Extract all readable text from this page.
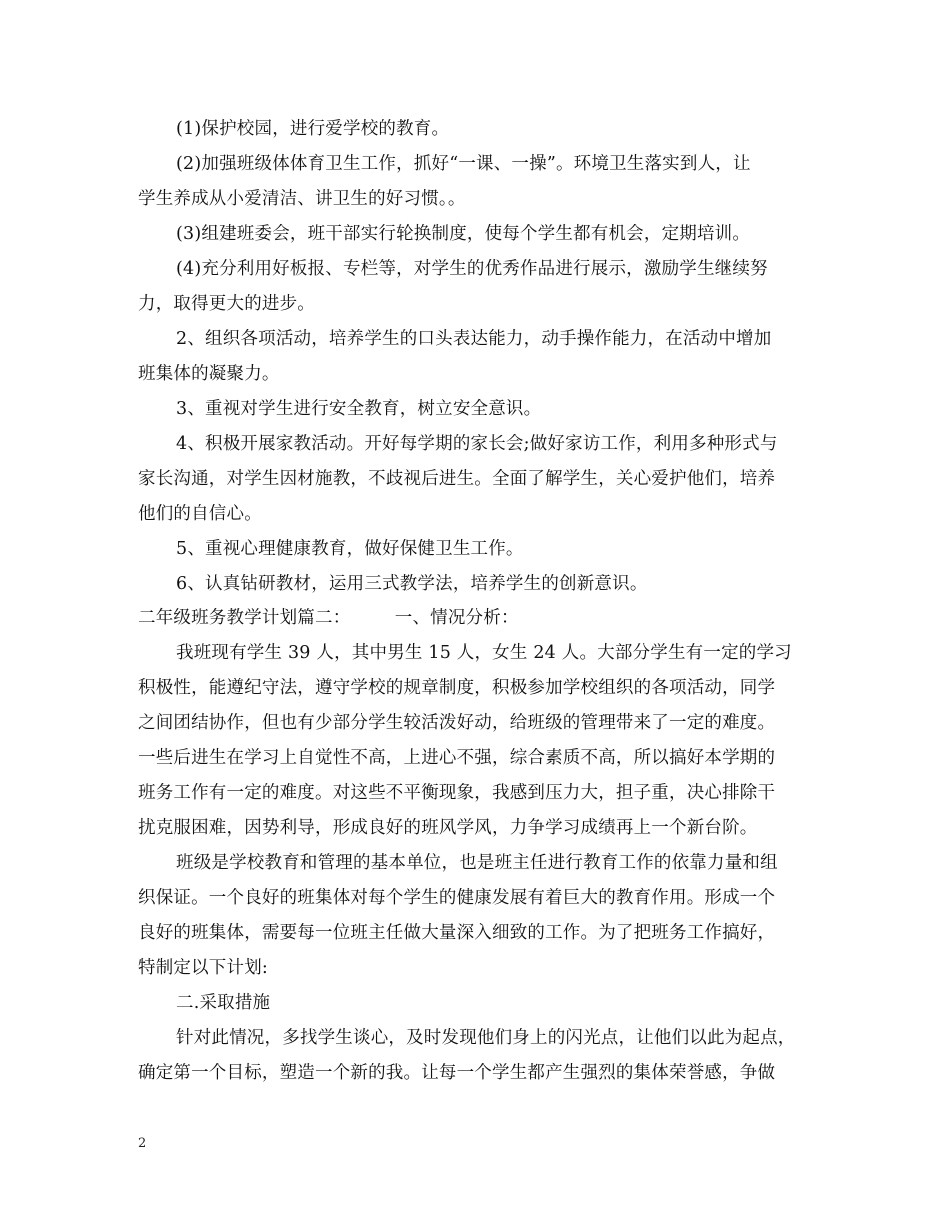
(1)保护校园，进行爱学校的教育。
(2)加强班级体体育卫生工作，抓好“一课、一操”。环境卫生落实到人，让
学生养成从小爱清洁、讲卫生的好习惯。。
(3)组建班委会，班干部实行轮换制度，使每个学生都有机会，定期培训。
(4)充分利用好板报、专栏等，对学生的优秀作品进行展示，激励学生继续努
力，取得更大的进步。
2、组织各项活动，培养学生的口头表达能力，动手操作能力，在活动中增加
班集体的凝聚力。
3、重视对学生进行安全教育，树立安全意识。
4、积极开展家教活动。开好每学期的家长会;做好家访工作，利用多种形式与
家长沟通，对学生因材施教，不歧视后进生。全面了解学生，关心爱护他们，培养
他们的自信心。
5、重视心理健康教育，做好保健卫生工作。
6、认真钻研教材，运用三式教学法，培养学生的创新意识。
二年级班务教学计划篇二：　　　一、情况分析：
我班现有学生 39 人，其中男生 15 人，女生 24 人。大部分学生有一定的学习
积极性，能遵纪守法，遵守学校的规章制度，积极参加学校组织的各项活动，同学
之间团结协作，但也有少部分学生较活泼好动，给班级的管理带来了一定的难度。
一些后进生在学习上自觉性不高，上进心不强，综合素质不高，所以搞好本学期的
班务工作有一定的难度。对这些不平衡现象，我感到压力大，担子重，决心排除干
扰克服困难，因势利导，形成良好的班风学风，力争学习成绩再上一个新台阶。
班级是学校教育和管理的基本单位，也是班主任进行教育工作的依靠力量和组
织保证。一个良好的班集体对每个学生的健康发展有着巨大的教育作用。形成一个
良好的班集体，需要每一位班主任做大量深入细致的工作。为了把班务工作搞好，
特制定以下计划:
二.采取措施
针对此情况，多找学生谈心，及时发现他们身上的闪光点，让他们以此为起点，
确定第一个目标，塑造一个新的我。让每一个学生都产生强烈的集体荣誉感，争做
2
